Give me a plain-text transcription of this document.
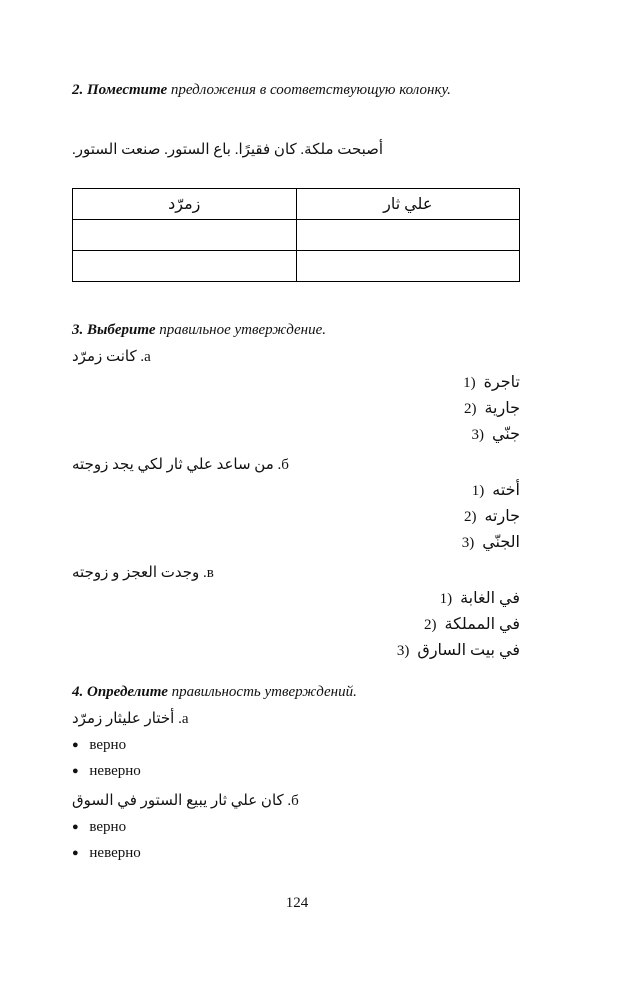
2. Поместите предложения в соответствующую колонку.

أصبحت ملكة. كان فقيرًا. باع الستور. صنعت الستور.

زمرّد	علي ثار

3. Выберите правильное утверждение.

а. كانت زمرّد

1) تاجرة

2) جارية

3) جنّي

б. من ساعد علي ثار لكي يجد زوجته

1) أخته

2) جارته

3) الجنّي

в. وجدت العجز و زوجته

1) في الغابة

2) في المملكة

3) في بيت السارق

4. Определите правильность утверждений.

а. أختار عليثار زمرّد

● верно

● неверно

б. كان علي ثار يبيع الستور في السوق

● верно

● неверно

124
